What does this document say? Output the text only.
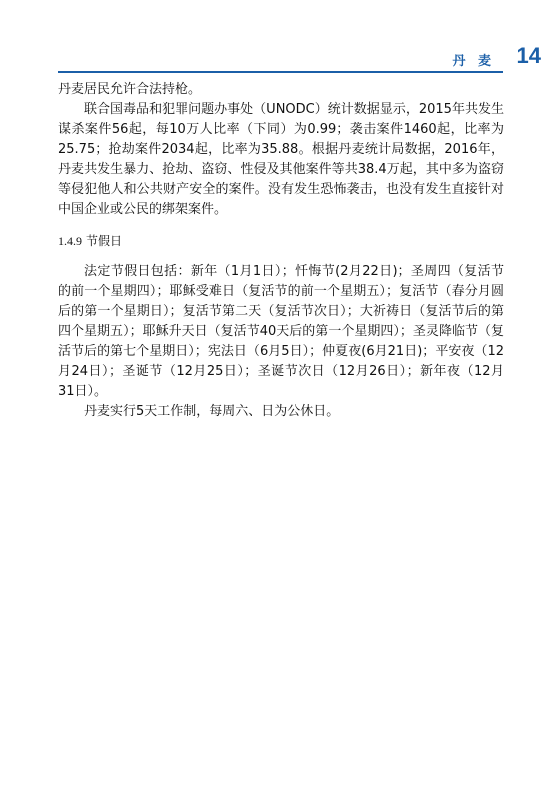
丹 麦 14

丹麦居民允许合法持枪。

联合国毒品和犯罪问题办事处（UNODC）统计数据显示，2015年共发生谋杀案件56起，每10万人比率（下同）为0.99；袭击案件1460起，比率为25.75；抢劫案件2034起，比率为35.88。根据丹麦统计局数据，2016年，丹麦共发生暴力、抢劫、盗窃、性侵及其他案件等共38.4万起，其中多为盗窃等侵犯他人和公共财产安全的案件。没有发生恐怖袭击，也没有发生直接针对中国企业或公民的绑架案件。

1.4.9 节假日

法定节假日包括：新年（1月1日）；忏悔节(2月22日)；圣周四（复活节的前一个星期四）；耶稣受难日（复活节的前一个星期五）；复活节（春分月圆后的第一个星期日）；复活节第二天（复活节次日）；大祈祷日（复活节后的第四个星期五）；耶稣升天日（复活节40天后的第一个星期四）；圣灵降临节（复活节后的第七个星期日）；宪法日（6月5日）；仲夏夜(6月21日)；平安夜（12月24日）；圣诞节（12月25日）；圣诞节次日（12月26日）；新年夜（12月31日）。

丹麦实行5天工作制，每周六、日为公休日。
